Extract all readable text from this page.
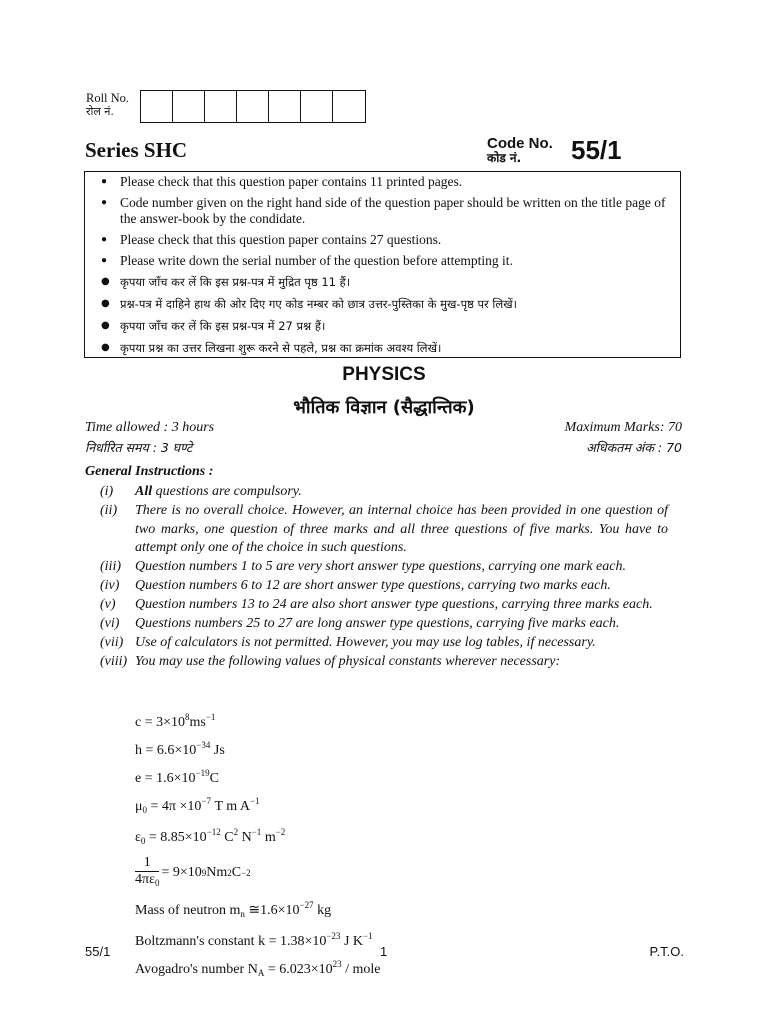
Roll No.
रोल नं.
Series SHC	Code No.
कोड नं.	55/1
● Please check that this question paper contains 11 printed pages.
● Code number given on the right hand side of the question paper should be written on the title page of the answer-book by the condidate.
● Please check that this question paper contains 27 questions.
● Please write down the serial number of the question before attempting it.
● कृपया जाँच कर लें कि इस प्रश्न-पत्र में मुद्रित पृष्ठ 11 हैं।
● प्रश्न-पत्र में दाहिने हाथ की ओर दिए गए कोड नम्बर को छात्र उत्तर-पुस्तिका के मुख-पृष्ठ पर लिखें।
● कृपया जाँच कर लें कि इस प्रश्न-पत्र में 27 प्रश्न हैं।
● कृपया प्रश्न का उत्तर लिखना शुरू करने से पहले, प्रश्न का क्रमांक अवश्य लिखें।
PHYSICS
भौतिक विज्ञान (सैद्धान्तिक)
Time allowed : 3 hours
निर्धारित समय : 3 घण्टे
Maximum Marks: 70
अधिकतम अंक : 70
General Instructions :
(i)	All questions are compulsory.
(ii)	There is no overall choice. However, an internal choice has been provided in one question of two marks, one question of three marks and all three questions of five marks. You have to attempt only one of the choice in such questions.
(iii)	Question numbers 1 to 5 are very short answer type questions, carrying one mark each.
(iv)	Question numbers 6 to 12 are short answer type questions, carrying two marks each.
(v)	Question numbers 13 to 24 are also short answer type questions, carrying three marks each.
(vi)	Questions numbers 25 to 27 are long answer type questions, carrying five marks each.
(vii) Use of calculators is not permitted. However, you may use log tables, if necessary.
(viii) You may use the following values of physical constants wherever necessary:
$c = 3\times 10^8ms^{-1}$
$h = 6.6\times 10^{-34}$ Js
$e = 1.6\times 10^{-19}C$
$\mu_0 = 4\pi \times 10^{-7}$ T m $A^{-1}$
$\varepsilon_0 = 8.85\times 10^{-12}$ $C^2$ $N^{-1}$ $m^{-2}$
$\frac{1}{4\pi\varepsilon_0} = 9\times 10$ 9 Nm 2 C −2
Mass of neutron $m_n$ $≅1.6\times 10^{-27}$ kg
Boltzmann's constant $k = 1.38\times 10^{-23}$ J $K^{-1}$
Avogadro's number $N_A = 6.023\times 10^{23}$ / mole
55/1	1	P.T.O.
